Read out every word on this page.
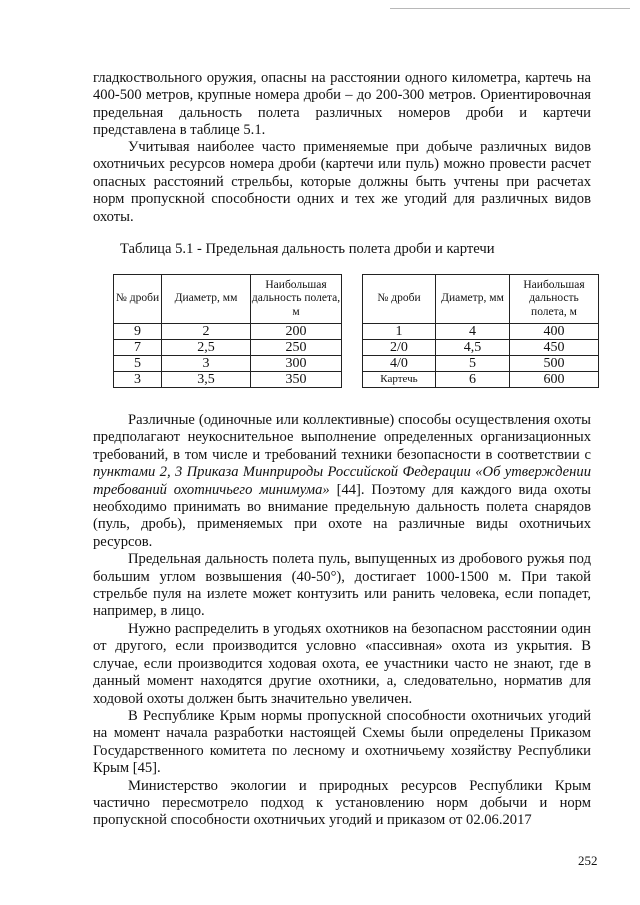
гладкоствольного оружия, опасны на расстоянии одного километра, картечь на 400-500 метров, крупные номера дроби – до 200-300 метров. Ориентировочная предельная дальность полета различных номеров дроби и картечи представлена в таблице 5.1.

Учитывая наиболее часто применяемые при добыче различных видов охотничьих ресурсов номера дроби (картечи или пуль) можно провести расчет опасных расстояний стрельбы, которые должны быть учтены при расчетах норм пропускной способности одних и тех же угодий для различных видов охоты.

Таблица 5.1 - Предельная дальность полета дроби и картечи
№ дроби	Диаметр, мм	Наибольшая дальность полета, м
9	2	200
7	2,5	250
5	3	300
3	3,5	350
№ дроби	Диаметр, мм	Наибольшая дальность полета, м
1	4	400
2/0	4,5	450
4/0	5	500
Картечь	6	600

Различные (одиночные или коллективные) способы осуществления охоты предполагают неукоснительное выполнение определенных организационных требований, в том числе и требований техники безопасности в соответствии с пунктами 2, 3 Приказа Минприроды Российской Федерации «Об утверждении требований охотничьего минимума» [44]. Поэтому для каждого вида охоты необходимо принимать во внимание предельную дальность полета снарядов (пуль, дробь), применяемых при охоте на различные виды охотничьих ресурсов.

Предельная дальность полета пуль, выпущенных из дробового ружья под большим углом возвышения (40-50°), достигает 1000-1500 м. При такой стрельбе пуля на излете может контузить или ранить человека, если попадет, например, в лицо.

Нужно распределить в угодьях охотников на безопасном расстоянии один от другого, если производится условно «пассивная» охота из укрытия. В случае, если производится ходовая охота, ее участники часто не знают, где в данный момент находятся другие охотники, а, следовательно, норматив для ходовой охоты должен быть значительно увеличен.

В Республике Крым нормы пропускной способности охотничьих угодий на момент начала разработки настоящей Схемы были определены Приказом Государственного комитета по лесному и охотничьему хозяйству Республики Крым [45].

Министерство экологии и природных ресурсов Республики Крым частично пересмотрело подход к установлению норм добычи и норм пропускной способности охотничьих угодий и приказом от 02.06.2017

252
